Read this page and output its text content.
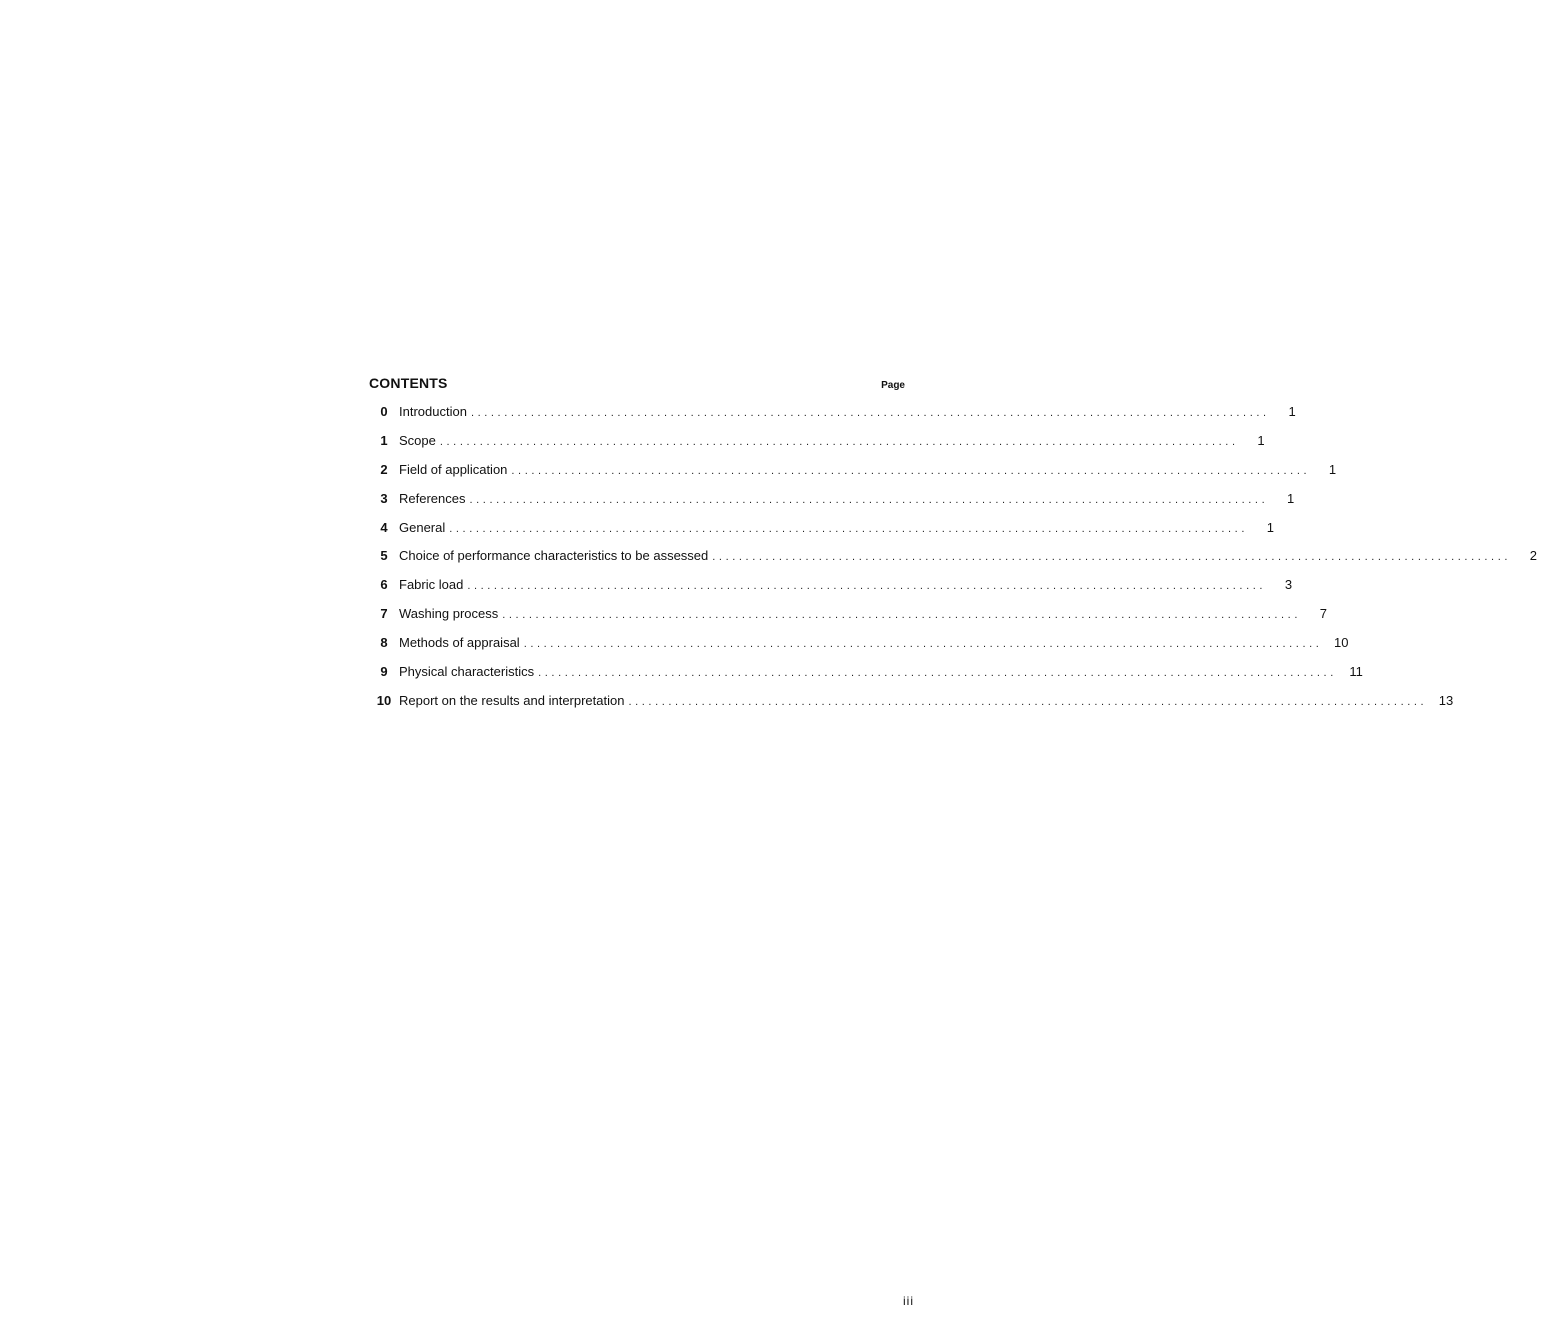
CONTENTS	Page
0 Introduction ........................................................................................................................	1
1 Scope ........................................................................................................................	1
2 Field of application ........................................................................................................................	1
3 References ........................................................................................................................	1
4 General ........................................................................................................................	1
5 Choice of performance characteristics to be assessed ........................................................................................................................	2
6 Fabric load ........................................................................................................................	3
7 Washing process ........................................................................................................................	7
8 Methods of appraisal ........................................................................................................................ 10
9 Physical characteristics ........................................................................................................................ 11
10 Report on the results and interpretation ........................................................................................................................ 13
iii
